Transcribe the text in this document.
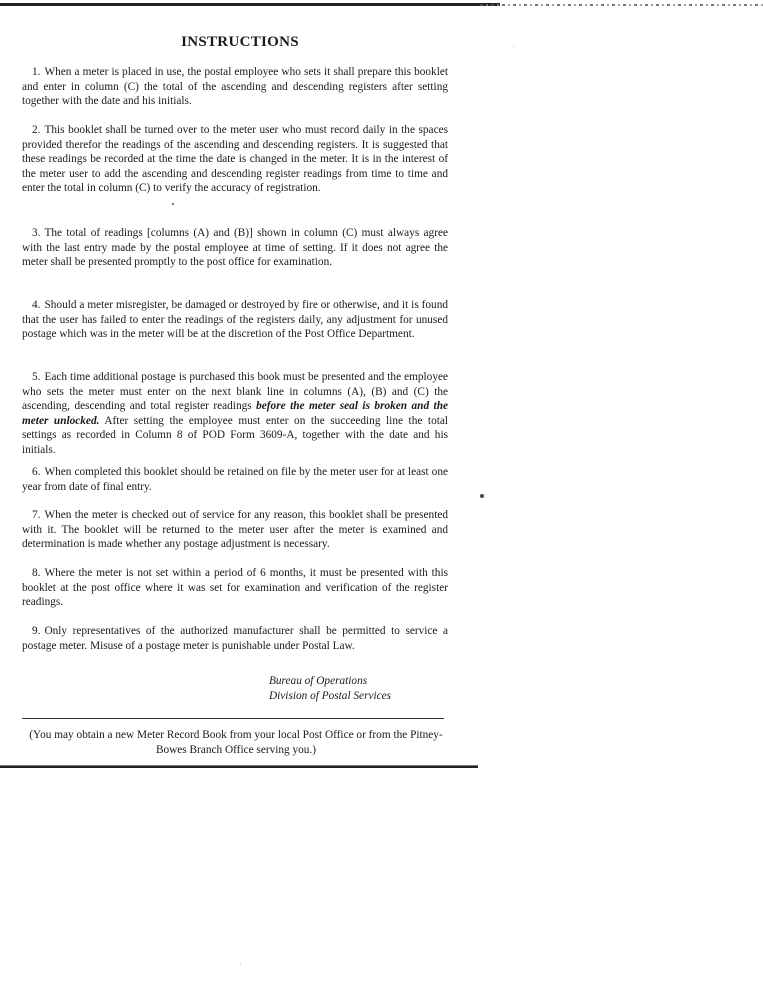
INSTRUCTIONS

1. When a meter is placed in use, the postal employee who sets it shall prepare this booklet and enter in column (C) the total of the ascending and descending registers after setting together with the date and his initials.

2. This booklet shall be turned over to the meter user who must record daily in the spaces provided therefor the readings of the ascending and descending registers. It is suggested that these readings be recorded at the time the date is changed in the meter. It is in the interest of the meter user to add the ascending and descending register readings from time to time and enter the total in column (C) to verify the accuracy of registration.

3. The total of readings [columns (A) and (B)] shown in column (C) must always agree with the last entry made by the postal employee at time of setting. If it does not agree the meter shall be presented promptly to the post office for examination.

4. Should a meter misregister, be damaged or destroyed by fire or otherwise, and it is found that the user has failed to enter the readings of the registers daily, any adjustment for unused postage which was in the meter will be at the discretion of the Post Office Department.

5. Each time additional postage is purchased this book must be presented and the employee who sets the meter must enter on the next blank line in columns (A), (B) and (C) the ascending, descending and total register readings before the meter seal is broken and the meter unlocked. After setting the employee must enter on the succeeding line the total settings as recorded in Column 8 of POD Form 3609-A, together with the date and his initials.

6. When completed this booklet should be retained on file by the meter user for at least one year from date of final entry.

7. When the meter is checked out of service for any reason, this booklet shall be presented with it. The booklet will be returned to the meter user after the meter is examined and determination is made whether any postage adjustment is necessary.

8. Where the meter is not set within a period of 6 months, it must be presented with this booklet at the post office where it was set for examination and verification of the register readings.

9. Only representatives of the authorized manufacturer shall be permitted to service a postage meter. Misuse of a postage meter is punishable under Postal Law.

Bureau of Operations
Division of Postal Services

(You may obtain a new Meter Record Book from your local Post Office or from the Pitney-Bowes Branch Office serving you.)
